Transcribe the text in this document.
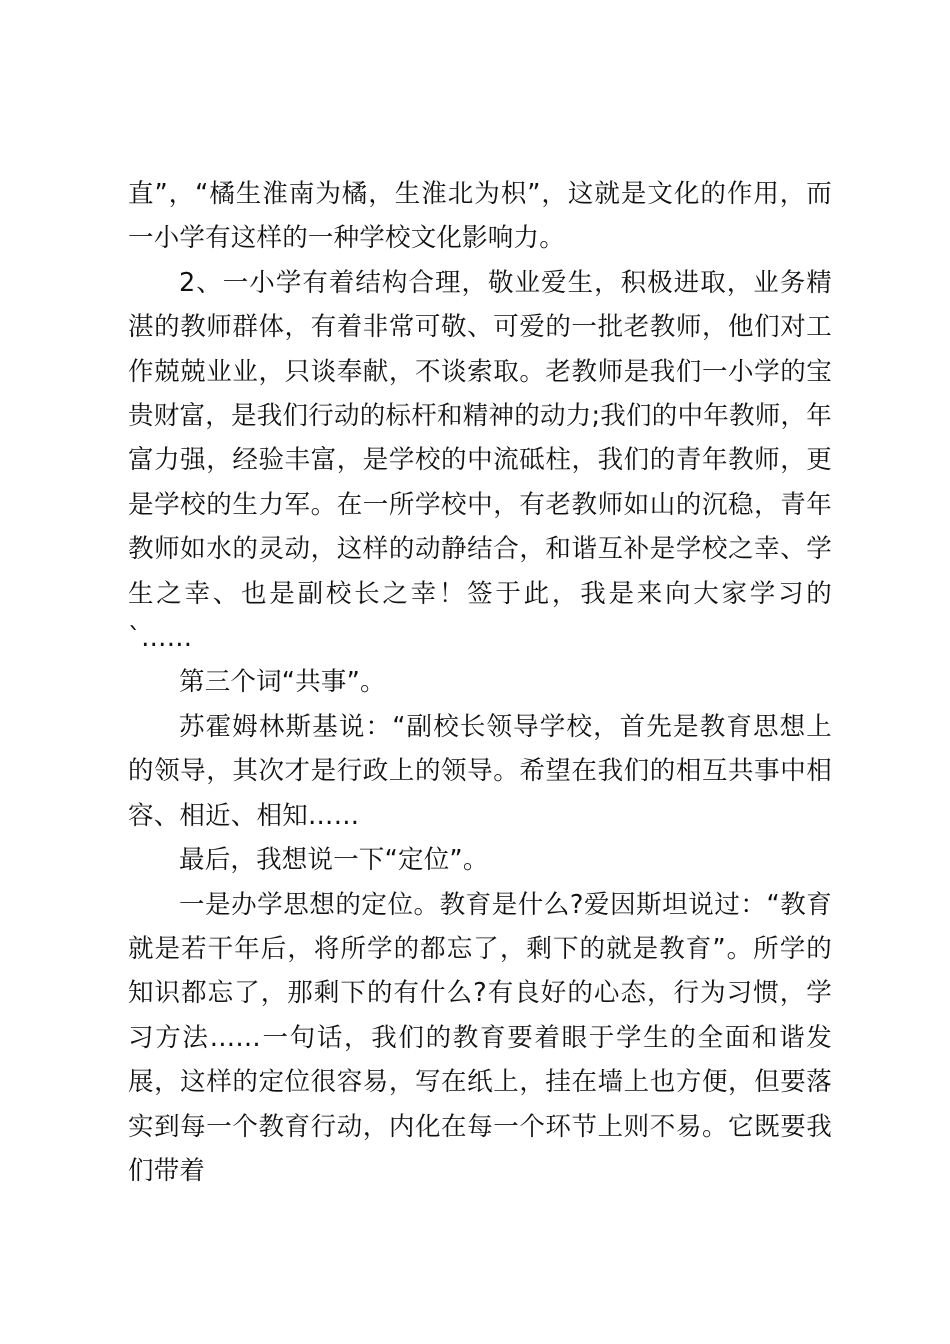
直”，“橘生淮南为橘，生淮北为枳”，这就是文化的作用，而一小学有这样的一种学校文化影响力。

2、一小学有着结构合理，敬业爱生，积极进取，业务精湛的教师群体，有着非常可敬、可爱的一批老教师，他们对工作兢兢业业，只谈奉献，不谈索取。老教师是我们一小学的宝贵财富，是我们行动的标杆和精神的动力;我们的中年教师，年富力强，经验丰富，是学校的中流砥柱，我们的青年教师，更是学校的生力军。在一所学校中，有老教师如山的沉稳，青年教师如水的灵动，这样的动静结合，和谐互补是学校之幸、学生之幸、也是副校长之幸！签于此，我是来向大家学习的`……

第三个词“共事”。

苏霍姆林斯基说：“副校长领导学校，首先是教育思想上的领导，其次才是行政上的领导。希望在我们的相互共事中相容、相近、相知……

最后，我想说一下“定位”。

一是办学思想的定位。教育是什么?爱因斯坦说过：“教育就是若干年后，将所学的都忘了，剩下的就是教育”。所学的知识都忘了，那剩下的有什么?有良好的心态，行为习惯，学习方法……一句话，我们的教育要着眼于学生的全面和谐发展，这样的定位很容易，写在纸上，挂在墙上也方便，但要落实到每一个教育行动，内化在每一个环节上则不易。它既要我们带着
